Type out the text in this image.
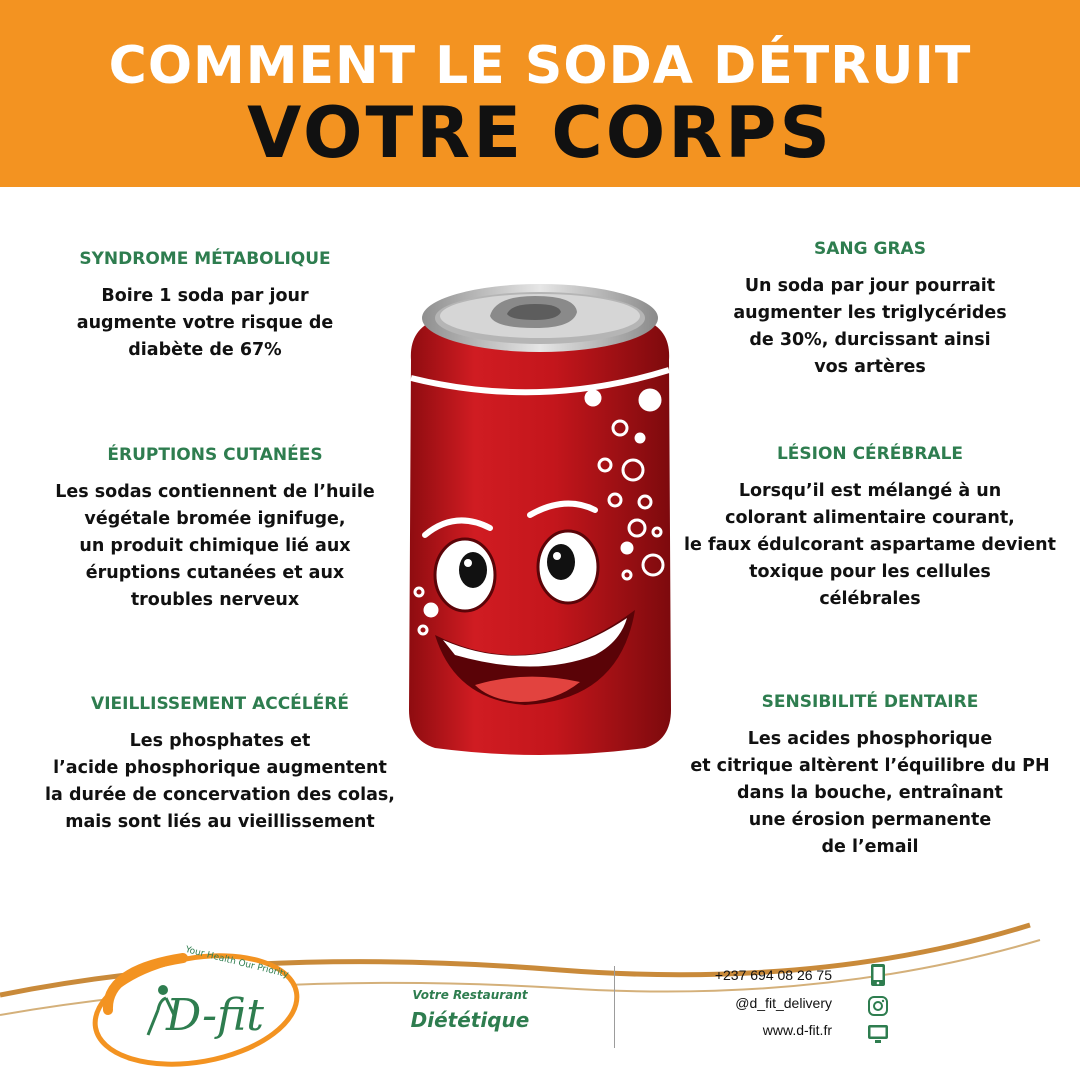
COMMENT LE SODA DÉTRUIT
VOTRE CORPS
SYNDROME MÉTABOLIQUE
Boire 1 soda par jour
augmente votre risque de
diabète de 67%
ÉRUPTIONS CUTANÉES
Les sodas contiennent de l’huile
végétale bromée ignifuge,
un produit chimique lié aux
éruptions cutanées et aux
troubles nerveux
VIEILLISSEMENT ACCÉLÉRÉ
Les phosphates et
l’acide phosphorique augmentent
la durée de concervation des colas,
mais sont liés au vieillissement
SANG GRAS
Un soda par jour pourrait
augmenter les triglycérides
de 30%, durcissant ainsi
vos artères
LÉSION CÉRÉBRALE
Lorsqu’il est mélangé à un
colorant alimentaire courant,
le faux édulcorant aspartame devient
toxique pour les cellules
célébrales
SENSIBILITÉ DENTAIRE
Les acides phosphorique
et citrique altèrent l’équilibre du PH
dans la bouche, entraînant
une érosion permanente
de l’email
D-fit
Your Health Our Priority
Votre Restaurant
Diététique
+237 694 08 26 75
@d_fit_delivery
www.d-fit.fr
